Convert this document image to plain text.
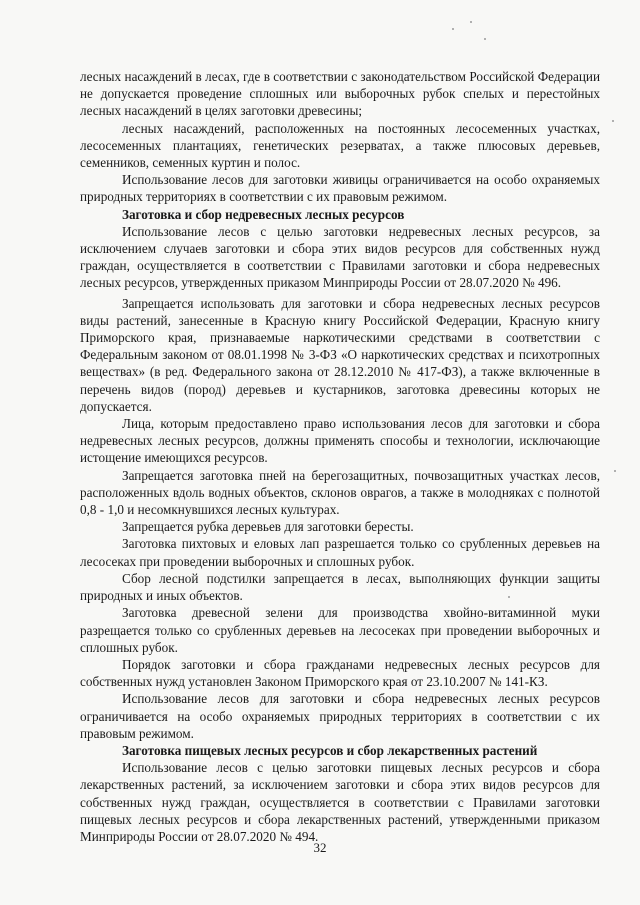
лесных насаждений в лесах, где в соответствии с законодательством Российской Федерации не допускается проведение сплошных или выборочных рубок спелых и перестойных лесных насаждений в целях заготовки древесины;

лесных насаждений, расположенных на постоянных лесосеменных участках, лесосеменных плантациях, генетических резерватах, а также плюсовых деревьев, семенников, семенных куртин и полос.

Использование лесов для заготовки живицы ограничивается на особо охраняемых природных территориях в соответствии с их правовым режимом.

Заготовка и сбор недревесных лесных ресурсов

Использование лесов с целью заготовки недревесных лесных ресурсов, за исключением случаев заготовки и сбора этих видов ресурсов для собственных нужд граждан, осуществляется в соответствии с Правилами заготовки и сбора недревесных лесных ресурсов, утвержденных приказом Минприроды России от 28.07.2020 № 496.

Запрещается использовать для заготовки и сбора недревесных лесных ресурсов виды растений, занесенные в Красную книгу Российской Федерации, Красную книгу Приморского края, признаваемые наркотическими средствами в соответствии с Федеральным законом от 08.01.1998 № 3-ФЗ «О наркотических средствах и психотропных веществах» (в ред. Федерального закона от 28.12.2010 № 417-ФЗ), а также включенные в перечень видов (пород) деревьев и кустарников, заготовка древесины которых не допускается.

Лица, которым предоставлено право использования лесов для заготовки и сбора недревесных лесных ресурсов, должны применять способы и технологии, исключающие истощение имеющихся ресурсов.

Запрещается заготовка пней на берегозащитных, почвозащитных участках лесов, расположенных вдоль водных объектов, склонов оврагов, а также в молодняках с полнотой 0,8 - 1,0 и несомкнувшихся лесных культурах.

Запрещается рубка деревьев для заготовки бересты.

Заготовка пихтовых и еловых лап разрешается только со срубленных деревьев на лесосеках при проведении выборочных и сплошных рубок.

Сбор лесной подстилки запрещается в лесах, выполняющих функции защиты природных и иных объектов.

Заготовка древесной зелени для производства хвойно-витаминной муки разрещается только со срубленных деревьев на лесосеках при проведении выборочных и сплошных рубок.

Порядок заготовки и сбора гражданами недревесных лесных ресурсов для собственных нужд установлен Законом Приморского края от 23.10.2007 № 141-КЗ.

Использование лесов для заготовки и сбора недревесных лесных ресурсов ограничивается на особо охраняемых природных территориях в соответствии с их правовым режимом.

Заготовка пищевых лесных ресурсов и сбор лекарственных растений

Использование лесов с целью заготовки пищевых лесных ресурсов и сбора лекарственных растений, за исключением заготовки и сбора этих видов ресурсов для собственных нужд граждан, осуществляется в соответствии с Правилами заготовки пищевых лесных ресурсов и сбора лекарственных растений, утвержденными приказом Минприроды России от 28.07.2020 № 494.

32
